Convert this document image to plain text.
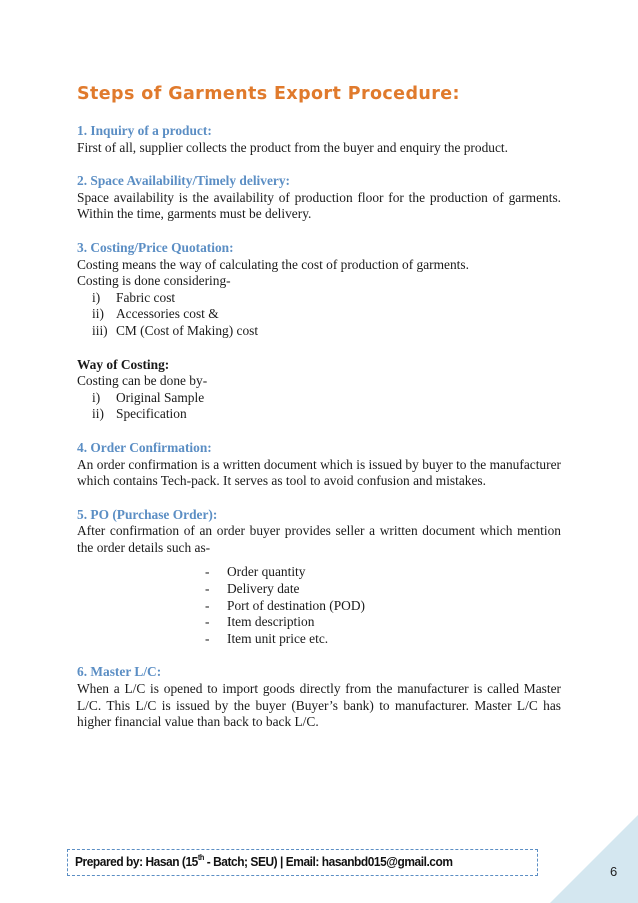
Steps of Garments Export Procedure:
1. Inquiry of a product:
First of all, supplier collects the product from the buyer and enquiry the product.
2. Space Availability/Timely delivery:
Space availability is the availability of production floor for the production of garments. Within the time, garments must be delivery.
3. Costing/Price Quotation:
Costing means the way of calculating the cost of production of garments.
Costing is done considering-
i)	Fabric cost
ii) Accessories cost &
iii) CM (Cost of Making) cost
Way of Costing:
Costing can be done by-
i)	Original Sample
ii) Specification
4. Order Confirmation:
An order confirmation is a written document which is issued by buyer to the manufacturer which contains Tech-pack. It serves as tool to avoid confusion and mistakes.
5. PO (Purchase Order):
After confirmation of an order buyer provides seller a written document which mention the order details such as-
-	Order quantity
-	Delivery date
-	Port of destination (POD)
-	Item description
-	Item unit price etc.
6. Master L/C:
When a L/C is opened to import goods directly from the manufacturer is called Master L/C. This L/C is issued by the buyer (Buyer’s bank) to manufacturer. Master L/C has higher financial value than back to back L/C.
Prepared by: Hasan (15th - Batch; SEU) | Email: hasanbd015@gmail.com
6
